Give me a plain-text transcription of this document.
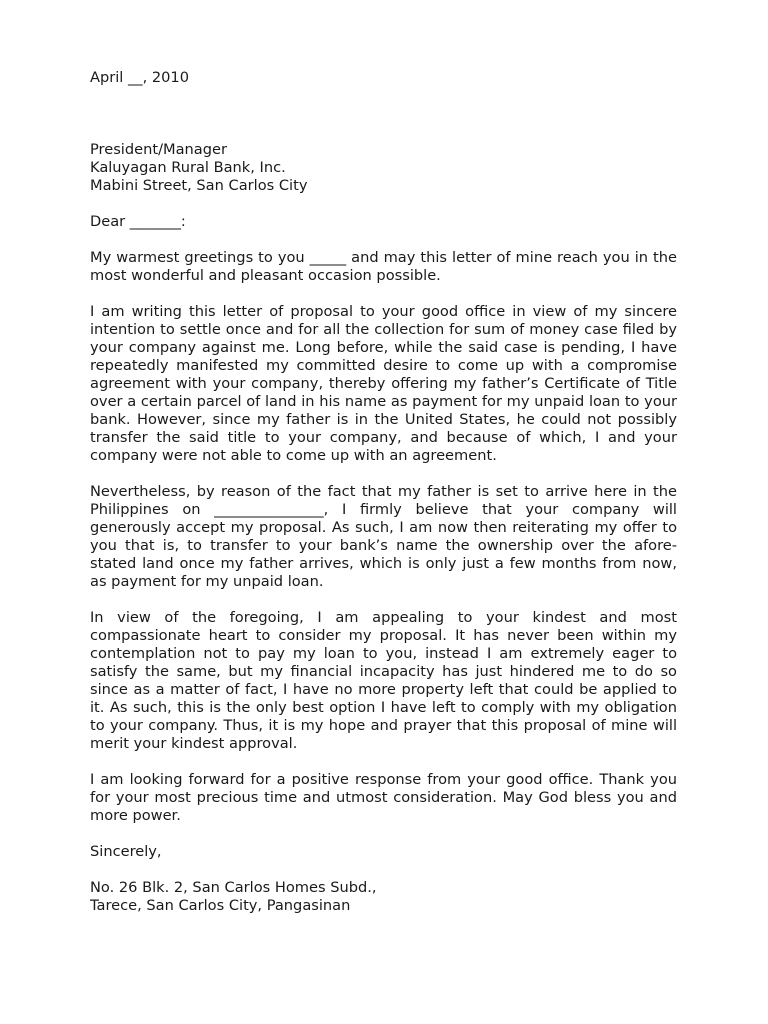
April __, 2010

President/Manager
Kaluyagan Rural Bank, Inc.
Mabini Street, San Carlos City

Dear _______:

My warmest greetings to you _____ and may this letter of mine reach you in the most wonderful and pleasant occasion possible.

I am writing this letter of proposal to your good office in view of my sincere intention to settle once and for all the collection for sum of money case filed by your company against me. Long before, while the said case is pending, I have repeatedly manifested my committed desire to come up with a compromise agreement with your company, thereby offering my father’s Certificate of Title over a certain parcel of land in his name as payment for my unpaid loan to your bank. However, since my father is in the United States, he could not possibly transfer the said title to your company, and because of which, I and your company were not able to come up with an agreement.

Nevertheless, by reason of the fact that my father is set to arrive here in the Philippines on _______________, I firmly believe that your company will generously accept my proposal. As such, I am now then reiterating my offer to you that is, to transfer to your bank’s name the ownership over the afore-stated land once my father arrives, which is only just a few months from now, as payment for my unpaid loan.

In view of the foregoing, I am appealing to your kindest and most compassionate heart to consider my proposal. It has never been within my contemplation not to pay my loan to you, instead I am extremely eager to satisfy the same, but my financial incapacity has just hindered me to do so since as a matter of fact, I have no more property left that could be applied to it. As such, this is the only best option I have left to comply with my obligation to your company. Thus, it is my hope and prayer that this proposal of mine will merit your kindest approval.

I am looking forward for a positive response from your good office. Thank you for your most precious time and utmost consideration. May God bless you and more power.

Sincerely,

No. 26 Blk. 2, San Carlos Homes Subd.,
Tarece, San Carlos City, Pangasinan
